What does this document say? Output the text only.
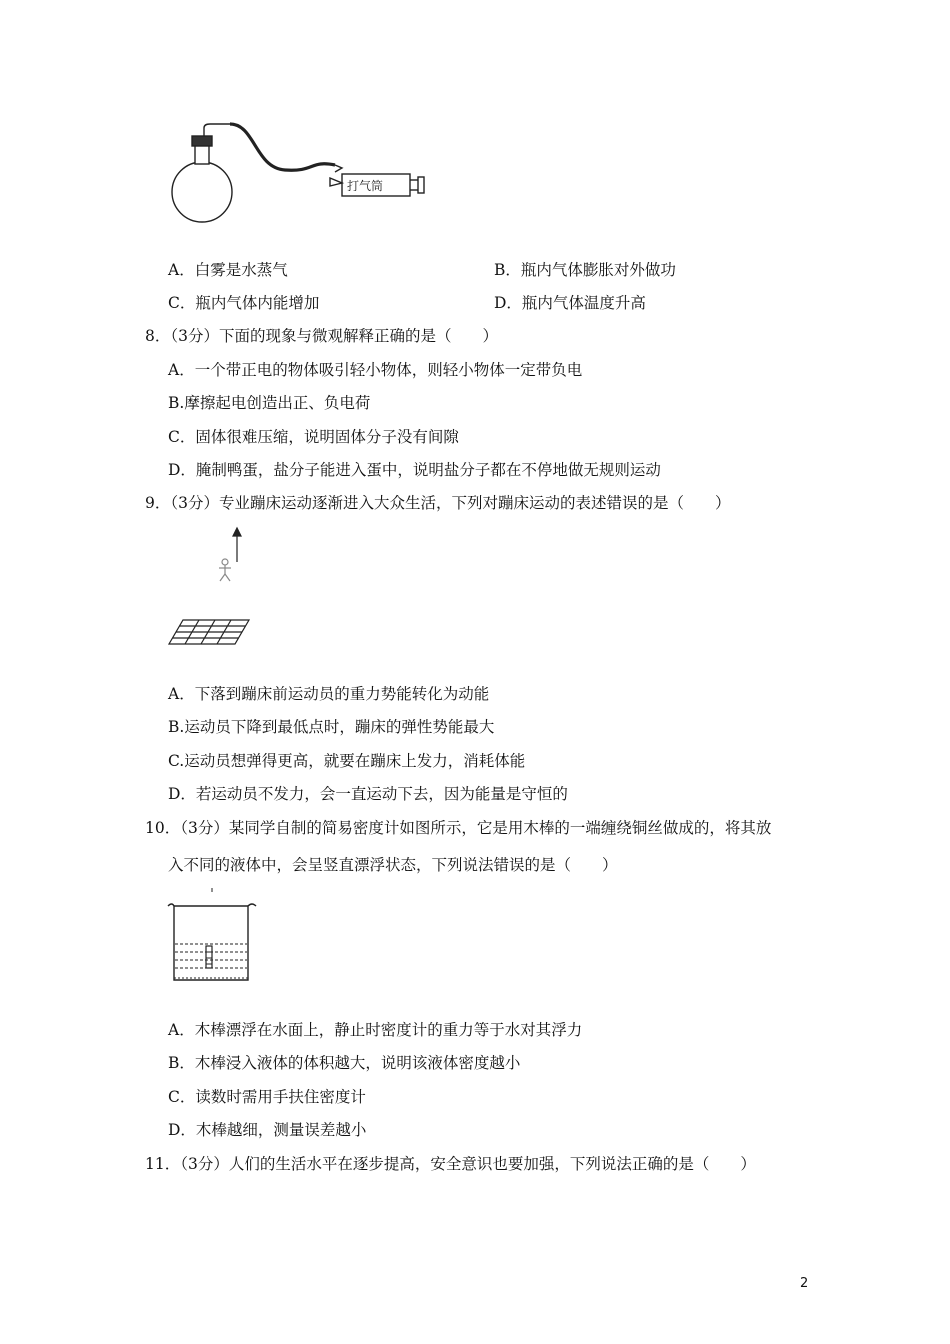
打气筒
A．白雾是水蒸气	B．瓶内气体膨胀对外做功
C．瓶内气体内能增加	D．瓶内气体温度升高
8．（3分）下面的现象与微观解释正确的是（　　）
A．一个带正电的物体吸引轻小物体，则轻小物体一定带负电
B.摩擦起电创造出正、负电荷
C．固体很难压缩，说明固体分子没有间隙
D．腌制鸭蛋，盐分子能进入蛋中，说明盐分子都在不停地做无规则运动
9．（3分）专业蹦床运动逐渐进入大众生活，下列对蹦床运动的表述错误的是（　　）
A．下落到蹦床前运动员的重力势能转化为动能
B.运动员下降到最低点时，蹦床的弹性势能最大
C.运动员想弹得更高，就要在蹦床上发力，消耗体能
D．若运动员不发力，会一直运动下去，因为能量是守恒的
10．（3分）某同学自制的简易密度计如图所示，它是用木棒的一端缠绕铜丝做成的，将其放
入不同的液体中，会呈竖直漂浮状态，下列说法错误的是（　　）
A．木棒漂浮在水面上，静止时密度计的重力等于水对其浮力
B．木棒浸入液体的体积越大，说明该液体密度越小
C．读数时需用手扶住密度计
D．木棒越细，测量误差越小
11．（3分）人们的生活水平在逐步提高，安全意识也要加强，下列说法正确的是（　　）
2
